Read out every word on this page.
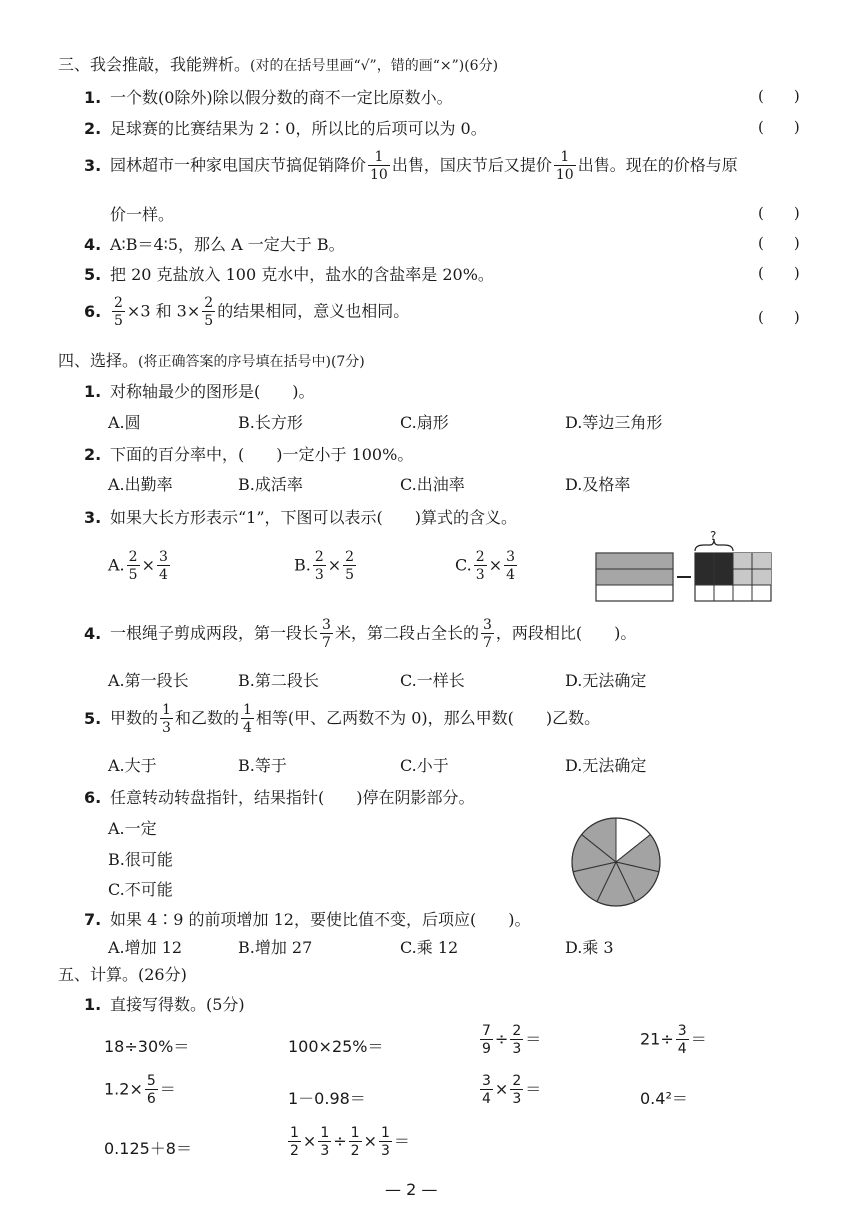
三、我会推敲，我能辨析。(对的在括号里画“√”，错的画“×”)(6分)
1. 一个数(0除外)除以假分数的商不一定比原数小。	(　　)
2. 足球赛的比赛结果为 2∶0，所以比的后项可以为 0。	(　　)
3. 园林超市一种家电国庆节搞促销降价 $\frac{1}{10}$ 出售，国庆节后又提价 $\frac{1}{10}$ 出售。现在的价格与原
价一样。	(　　)
4. A∶B＝4∶5，那么 A 一定大于 B。	(　　)
5. 把 20 克盐放入 100 克水中，盐水的含盐率是 20%。	(　　)
6. $\frac{2}{5} \times 3$ 和 $3\times \frac{2}{5}$ 的结果相同，意义也相同。	(　　)
四、选择。(将正确答案的序号填在括号中)(7分)
1. 对称轴最少的图形是(　　)。
A.圆	B.长方形	C.扇形	D.等边三角形
2. 下面的百分率中，(　　)一定小于 100%。
A.出勤率	B.成活率	C.出油率	D.及格率
3. 如果大长方形表示“1”，下图可以表示(　　)算式的含义。
A. $\frac{2}{5} \times \frac{3}{4}$	B. $\frac{2}{3} \times \frac{2}{5}$	C. $\frac{2}{3} \times \frac{3}{4}$
?
4. 一根绳子剪成两段，第一段长 $\frac{3}{7}$ 米，第二段占全长的 $\frac{3}{7}$ ，两段相比(　　)。
A.第一段长	B.第二段长	C.一样长	D.无法确定
5. 甲数的 $\frac{1}{3}$ 和乙数的 $\frac{1}{4}$ 相等(甲、乙两数不为 0)，那么甲数(　　)乙数。
A.大于	B.等于	C.小于	D.无法确定
6. 任意转动转盘指针，结果指针(　　)停在阴影部分。
A.一定
B.很可能
C.不可能
7. 如果 4∶9 的前项增加 12，要使比值不变，后项应(　　)。
A.增加 12	B.增加 27	C.乘 12	D.乘 3
五、计算。(26分)
1. 直接写得数。(5分)
18÷30%＝	100×25%＝	$\frac{7}{9} \div \frac{2}{3}$ ＝	$21\div \frac{3}{4}$ ＝
$1.2\times \frac{5}{6}$ ＝	1－0.98＝	$\frac{3}{4} \times \frac{2}{3}$ ＝	0.4²＝
0.125＋8＝	$\frac{1}{2} \times \frac{1}{3} \div \frac{1}{2} \times \frac{1}{3}$ ＝
— 2 —
